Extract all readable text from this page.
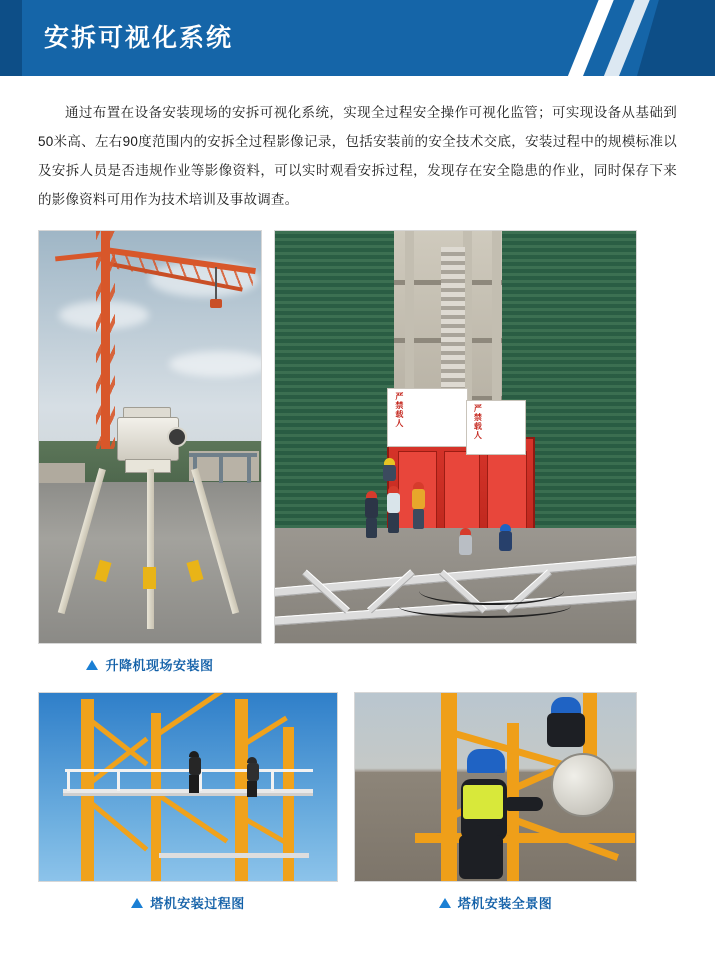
安拆可视化系统

通过布置在设备安装现场的安拆可视化系统，实现全过程安全操作可视化监管；可实现设备从基础到50米高、左右90度范围内的安拆全过程影像记录，包括安装前的安全技术交底，安装过程中的规模标准以及安拆人员是否违规作业等影像资料，可以实时观看安拆过程，发现存在安全隐患的作业，同时保存下来的影像资料可用作为技术培训及事故调查。

升降机现场安装图
严禁载人	严禁载人
塔机安装过程图	塔机安装全景图
